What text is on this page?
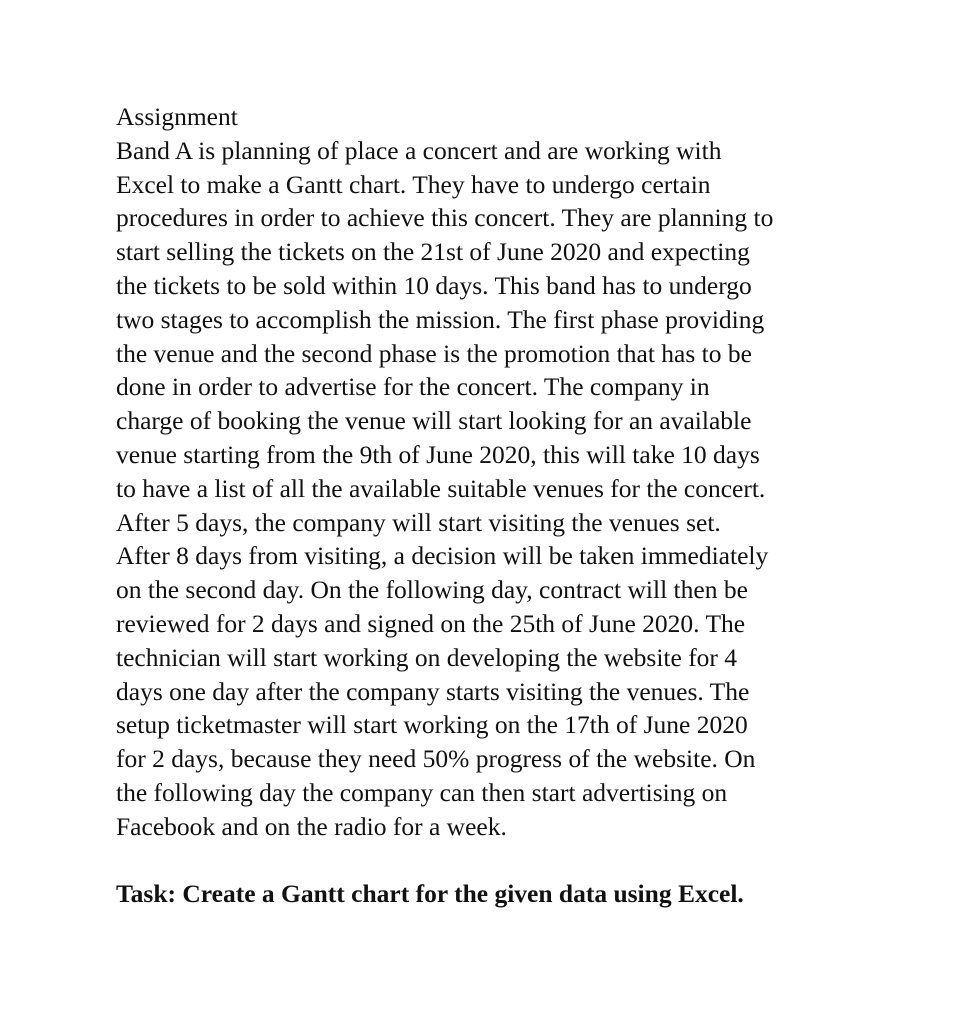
Assignment
Band A is planning of place a concert and are working with
Excel to make a Gantt chart. They have to undergo certain
procedures in order to achieve this concert. They are planning to
start selling the tickets on the 21st of June 2020 and expecting
the tickets to be sold within 10 days. This band has to undergo
two stages to accomplish the mission. The first phase providing
the venue and the second phase is the promotion that has to be
done in order to advertise for the concert. The company in
charge of booking the venue will start looking for an available
venue starting from the 9th of June 2020, this will take 10 days
to have a list of all the available suitable venues for the concert.
After 5 days, the company will start visiting the venues set.
After 8 days from visiting, a decision will be taken immediately
on the second day. On the following day, contract will then be
reviewed for 2 days and signed on the 25th of June 2020. The
technician will start working on developing the website for 4
days one day after the company starts visiting the venues. The
setup ticketmaster will start working on the 17th of June 2020
for 2 days, because they need 50% progress of the website. On
the following day the company can then start advertising on
Facebook and on the radio for a week.
Task: Create a Gantt chart for the given data using Excel.
